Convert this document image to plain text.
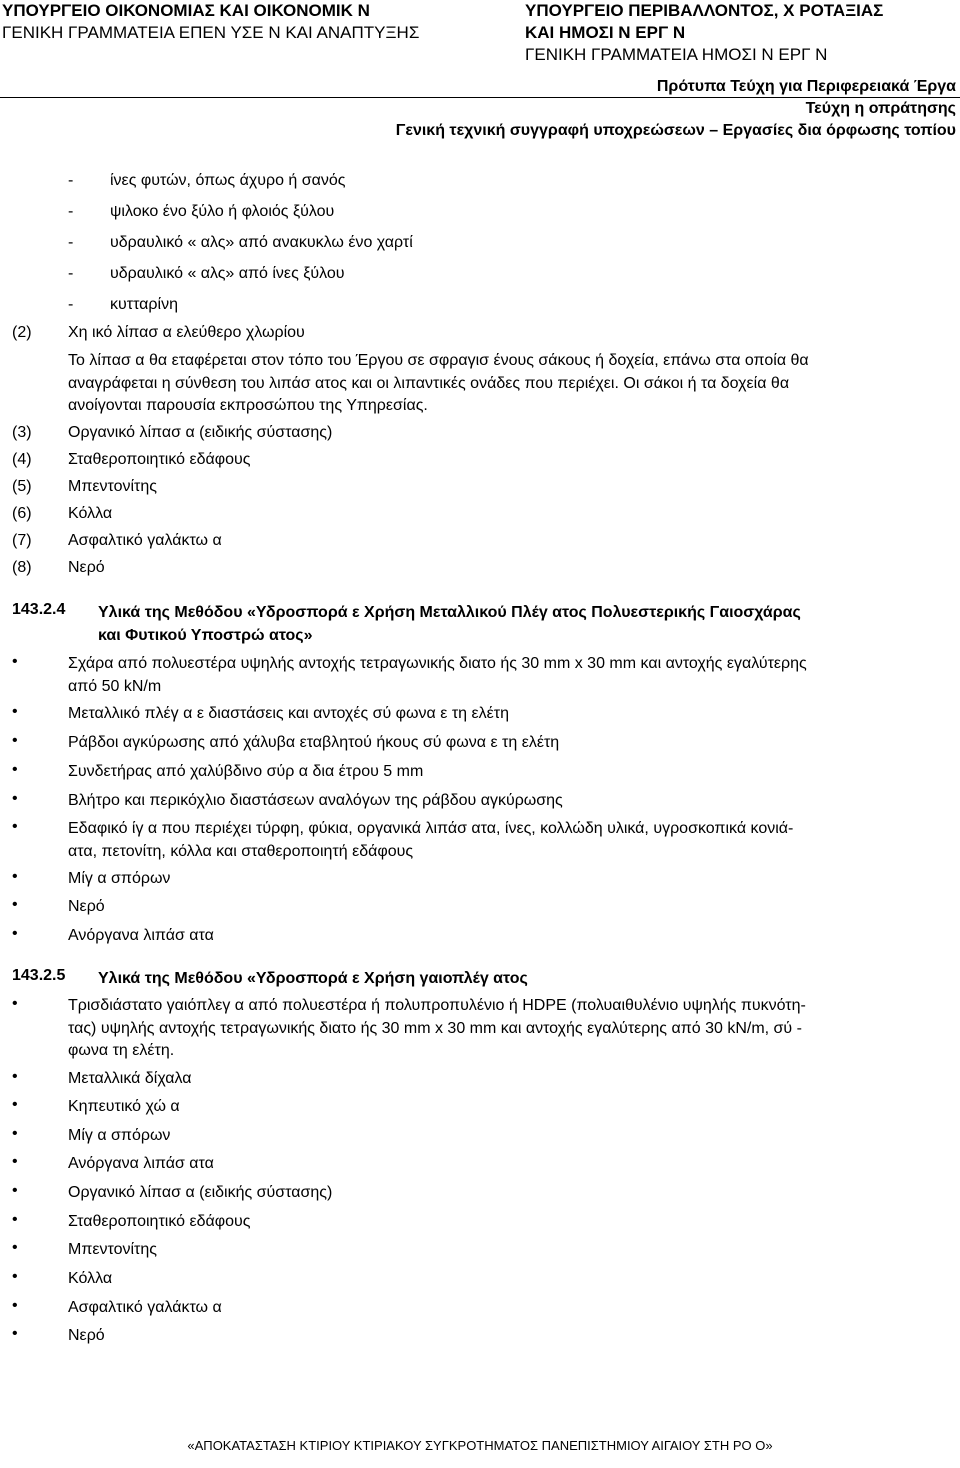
ΥΠΟΥΡΓΕΙΟ ΟΙΚΟΝΟΜΙΑΣ ΚΑΙ ΟΙΚΟΝΟΜΙΚ Ν
ΓΕΝΙΚΗ ΓΡΑΜΜΑΤΕΙΑ ΕΠΕΝ ΥΣΕ Ν ΚΑΙ ΑΝΑΠΤΥΞΗΣ
ΥΠΟΥΡΓΕΙΟ ΠΕΡΙΒΑΛΛΟΝΤΟΣ, Χ ΡΟΤΑΞΙΑΣ
ΚΑΙ ΗΜΟΣΙ Ν ΕΡΓ Ν
ΓΕΝΙΚΗ ΓΡΑΜΜΑΤΕΙΑ ΗΜΟΣΙ Ν ΕΡΓ Ν
Πρότυπα Τεύχη για Περιφερειακά Έργα
Τεύχη η οπράτησης
Γενική τεχνική συγγραφή υποχρεώσεων – Εργασίες δια όρφωσης τοπίου
- ίνες φυτών, όπως άχυρο ή σανός
- ψιλοκο ένο ξύλο ή φλοιός ξύλου
- υδραυλικό « αλς» από ανακυκλω ένο χαρτί
- υδραυλικό « αλς» από ίνες ξύλου
- κυτταρίνη
(2) Χη ικό λίπασ α ελεύθερο χλωρίου
Το λίπασ α θα εταφέρεται στον τόπο του Έργου σε σφραγισ ένους σάκους ή δοχεία, επάνω στα οποία θα
αναγράφεται η σύνθεση του λιπάσ ατος και οι λιπαντικές ονάδες που περιέχει. Οι σάκοι ή τα δοχεία θα
ανοίγονται παρουσία εκπροσώπου της Υπηρεσίας.
(3) Οργανικό λίπασ α (ειδικής σύστασης)
(4) Σταθεροποιητικό εδάφους
(5) Μπεντονίτης
(6) Κόλλα
(7) Ασφαλτικό γαλάκτω α
(8) Νερό
143.2.4 Υλικά της Μεθόδου «Υδροσπορά ε Χρήση Μεταλλικού Πλέγ ατος Πολυεστερικής Γαιοσχάρας
και Φυτικού Υποστρώ ατος»
•	Σχάρα από πολυεστέρα υψηλής αντοχής τετραγωνικής διατο ής 30 mm x 30 mm και αντοχής εγαλύτερης
από 50 kN/m
•	Μεταλλικό πλέγ α ε διαστάσεις και αντοχές σύ φωνα ε τη ελέτη
•	Ράβδοι αγκύρωσης από χάλυβα εταβλητού ήκους σύ φωνα ε τη ελέτη
•	Συνδετήρας από χαλύβδινο σύρ α δια έτρου 5 mm
•	Βλήτρο και περικόχλιο διαστάσεων αναλόγων της ράβδου αγκύρωσης
•	Εδαφικό ίγ α που περιέχει τύρφη, φύκια, οργανικά λιπάσ ατα, ίνες, κολλώδη υλικά, υγροσκοπικά κονιά-
ατα, πετονίτη, κόλλα και σταθεροποιητή εδάφους
•	Μίγ α σπόρων
•	Νερό
•	Ανόργανα λιπάσ ατα
143.2.5 Υλικά της Μεθόδου «Υδροσπορά ε Χρήση γαιοπλέγ ατος
•	Τρισδιάστατο γαιόπλεγ α από πολυεστέρα ή πολυπροπυλένιο ή HDPE (πολυαιθυλένιο υψηλής πυκνότη-
τας) υψηλής αντοχής τετραγωνικής διατο ής 30 mm x 30 mm και αντοχής εγαλύτερης από 30 kN/m, σύ -
φωνα τη ελέτη.
•	Μεταλλικά δίχαλα
•	Κηπευτικό χώ α
•	Μίγ α σπόρων
•	Ανόργανα λιπάσ ατα
•	Οργανικό λίπασ α (ειδικής σύστασης)
•	Σταθεροποιητικό εδάφους
•	Μπεντονίτης
•	Κόλλα
•	Ασφαλτικό γαλάκτω α
•	Νερό
«ΑΠΟΚΑΤΑΣΤΑΣΗ ΚΤΙΡΙΟΥ ΚΤΙΡΙΑΚΟΥ ΣΥΓΚΡΟΤΗΜΑΤΟΣ ΠΑΝΕΠΙΣΤΗΜΙΟΥ ΑΙΓΑΙΟΥ ΣΤΗ ΡΟ Ο»
